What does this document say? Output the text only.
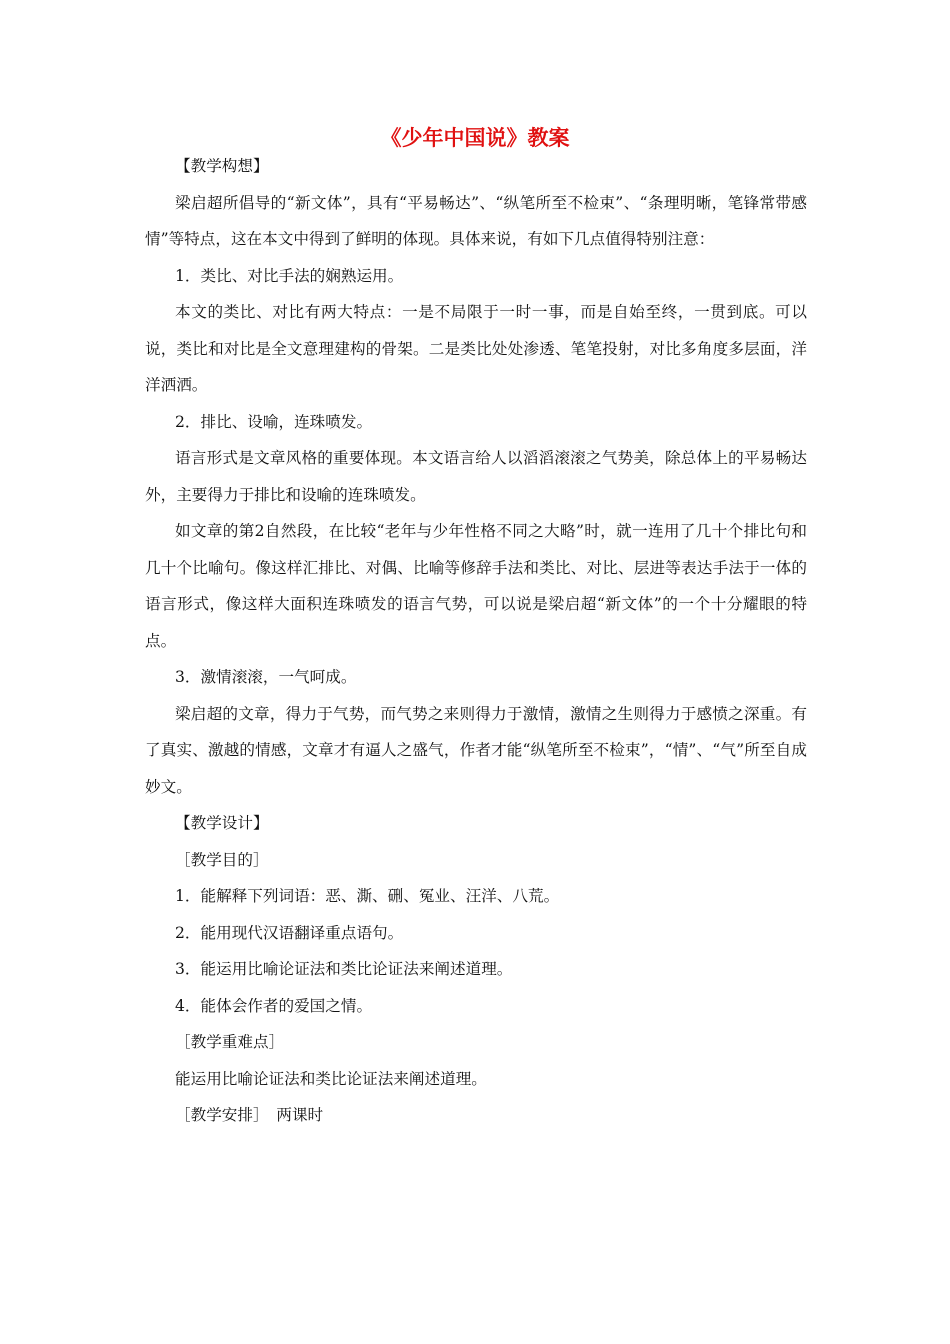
《少年中国说》教案

【教学构想】

梁启超所倡导的“新文体”，具有“平易畅达”、“纵笔所至不检束”、“条理明晰，笔锋常带感情”等特点，这在本文中得到了鲜明的体现。具体来说，有如下几点值得特别注意：

1．类比、对比手法的娴熟运用。

本文的类比、对比有两大特点：一是不局限于一时一事，而是自始至终，一贯到底。可以说，类比和对比是全文意理建构的骨架。二是类比处处渗透、笔笔投射，对比多角度多层面，洋洋洒洒。

2．排比、设喻，连珠喷发。

语言形式是文章风格的重要体现。本文语言给人以滔滔滚滚之气势美，除总体上的平易畅达外，主要得力于排比和设喻的连珠喷发。

如文章的第2自然段，在比较“老年与少年性格不同之大略”时，就一连用了几十个排比句和几十个比喻句。像这样汇排比、对偶、比喻等修辞手法和类比、对比、层进等表达手法于一体的语言形式，像这样大面积连珠喷发的语言气势，可以说是梁启超“新文体”的一个十分耀眼的特点。

3．激情滚滚，一气呵成。

梁启超的文章，得力于气势，而气势之来则得力于激情，激情之生则得力于感愤之深重。有了真实、激越的情感，文章才有逼人之盛气，作者才能“纵笔所至不检束”，“情”、“气”所至自成妙文。

【教学设计】

［教学目的］

1．能解释下列词语：恶、澌、硎、冤业、汪洋、八荒。

2．能用现代汉语翻译重点语句。

3．能运用比喻论证法和类比论证法来阐述道理。

4．能体会作者的爱国之情。

［教学重难点］

能运用比喻论证法和类比论证法来阐述道理。

［教学安排］　两课时
